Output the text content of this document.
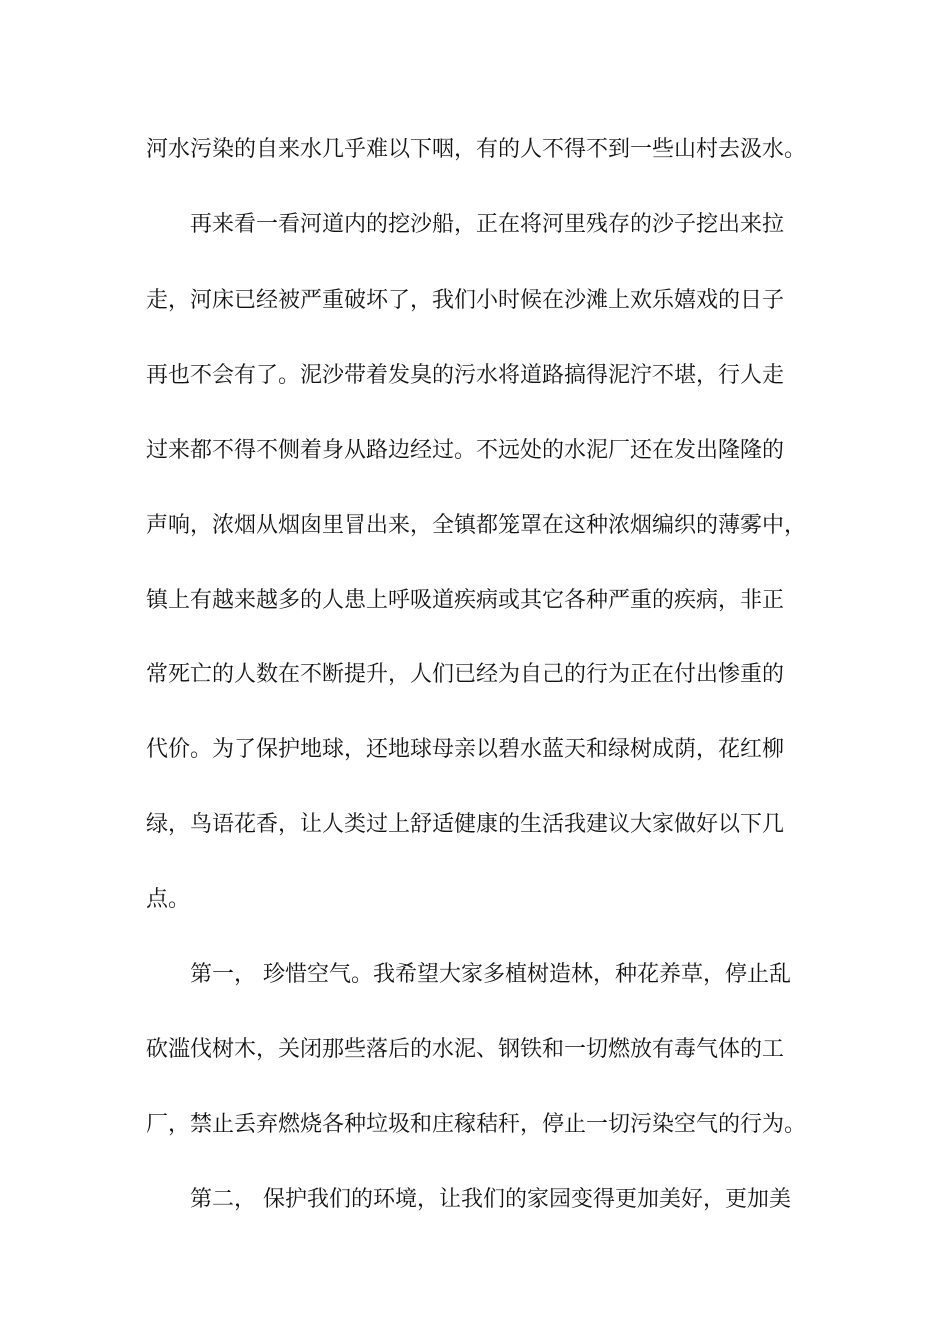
河水污染的自来水几乎难以下咽，有的人不得不到一些山村去汲水。
再来看一看河道内的挖沙船，正在将河里残存的沙子挖出来拉
走，河床已经被严重破坏了，我们小时候在沙滩上欢乐嬉戏的日子
再也不会有了。泥沙带着发臭的污水将道路搞得泥泞不堪，行人走
过来都不得不侧着身从路边经过。不远处的水泥厂还在发出隆隆的
声响，浓烟从烟囱里冒出来，全镇都笼罩在这种浓烟编织的薄雾中，
镇上有越来越多的人患上呼吸道疾病或其它各种严重的疾病，非正
常死亡的人数在不断提升，人们已经为自己的行为正在付出惨重的
代价。为了保护地球，还地球母亲以碧水蓝天和绿树成荫，花红柳
绿，鸟语花香，让人类过上舒适健康的生活我建议大家做好以下几
点。
第一， 珍惜空气。我希望大家多植树造林，种花养草，停止乱
砍滥伐树木，关闭那些落后的水泥、钢铁和一切燃放有毒气体的工
厂，禁止丢弃燃烧各种垃圾和庄稼秸秆，停止一切污染空气的行为。
第二， 保护我们的环境，让我们的家园变得更加美好，更加美
